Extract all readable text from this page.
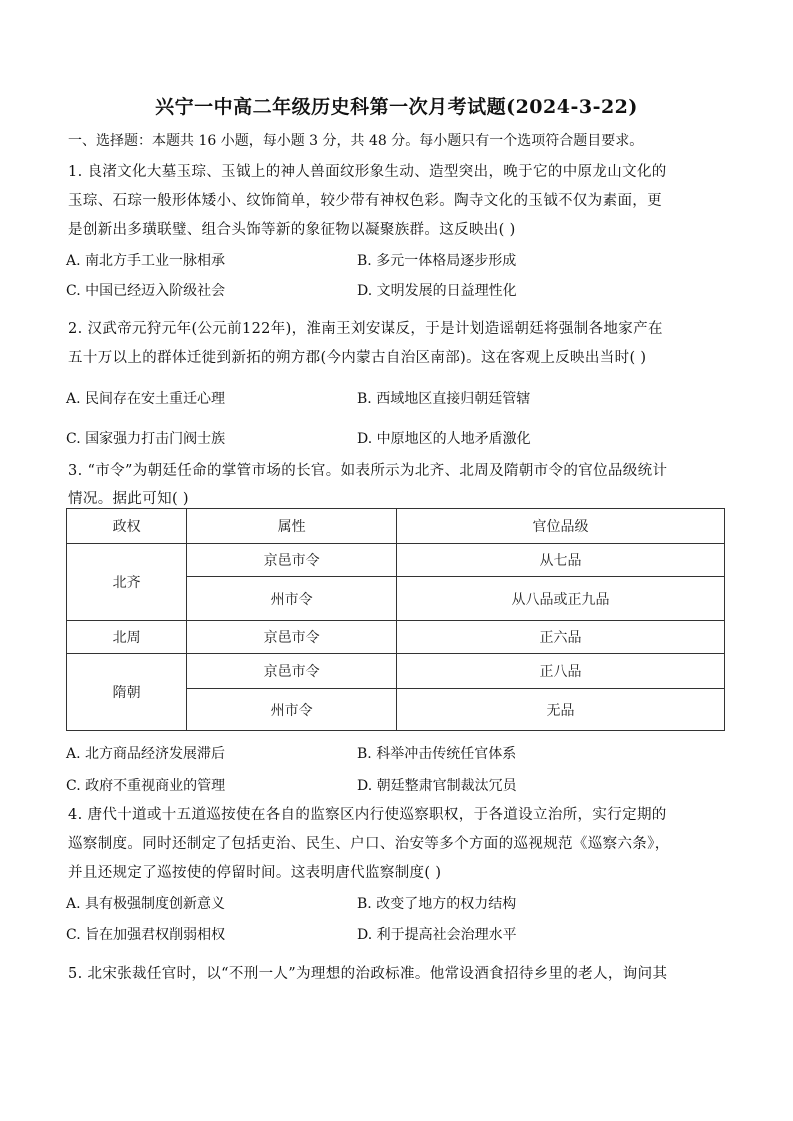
兴宁一中高二年级历史科第一次月考试题(2024-3-22)
一、选择题：本题共 16 小题，每小题 3 分，共 48 分。每小题只有一个选项符合题目要求。
1. 良渚文化大墓玉琮、玉钺上的神人兽面纹形象生动、造型突出，晚于它的中原龙山文化的
玉琮、石琮一般形体矮小、纹饰简单，较少带有神权色彩。陶寺文化的玉钺不仅为素面，更
是创新出多璜联璧、组合头饰等新的象征物以凝聚族群。这反映出( )
A. 南北方手工业一脉相承	B. 多元一体格局逐步形成
C. 中国已经迈入阶级社会	D. 文明发展的日益理性化
2. 汉武帝元狩元年(公元前122年)，淮南王刘安谋反，于是计划造谣朝廷将强制各地家产在
五十万以上的群体迁徙到新拓的朔方郡(今内蒙古自治区南部)。这在客观上反映出当时( )
A. 民间存在安土重迁心理	B. 西域地区直接归朝廷管辖
C. 国家强力打击门阀士族	D. 中原地区的人地矛盾激化
3. “市令”为朝廷任命的掌管市场的长官。如表所示为北齐、北周及隋朝市令的官位品级统计
情况。据此可知( )
政权	属性	官位品级
北齐	京邑市令	从七品
	州市令	从八品或正九品
北周	京邑市令	正六品
隋朝	京邑市令	正八品
	州市令	无品
A. 北方商品经济发展滞后	B. 科举冲击传统任官体系
C. 政府不重视商业的管理	D. 朝廷整肃官制裁汰冗员
4. 唐代十道或十五道巡按使在各自的监察区内行使巡察职权，于各道设立治所，实行定期的
巡察制度。同时还制定了包括吏治、民生、户口、治安等多个方面的巡视规范《巡察六条》，
并且还规定了巡按使的停留时间。这表明唐代监察制度( )
A. 具有极强制度创新意义	B. 改变了地方的权力结构
C. 旨在加强君权削弱相权	D. 利于提高社会治理水平
5. 北宋张裁任官时，以“不刑一人”为理想的治政标准。他常设酒食招待乡里的老人，询问其
